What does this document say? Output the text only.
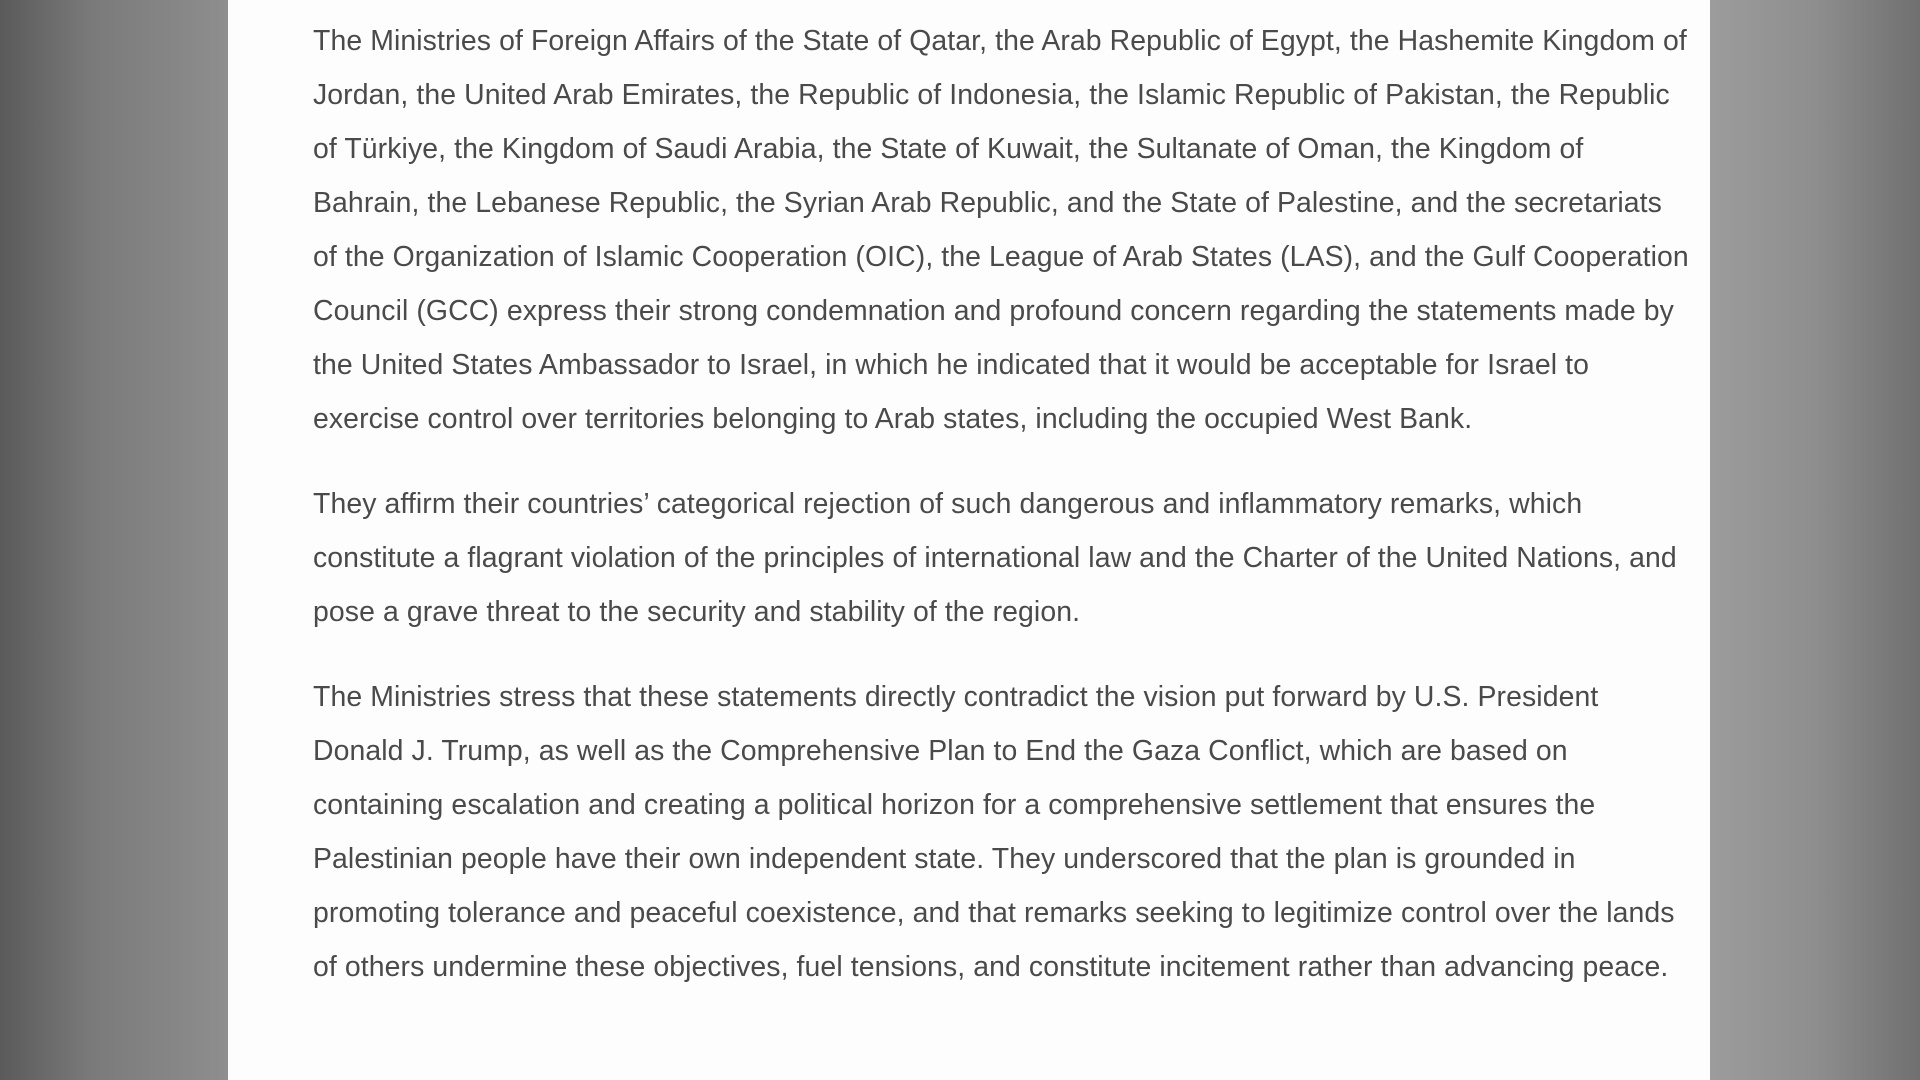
The Ministries of Foreign Affairs of the State of Qatar, the Arab Republic of Egypt, the Hashemite Kingdom of Jordan, the United Arab Emirates, the Republic of Indonesia, the Islamic Republic of Pakistan, the Republic of Türkiye, the Kingdom of Saudi Arabia, the State of Kuwait, the Sultanate of Oman, the Kingdom of Bahrain, the Lebanese Republic, the Syrian Arab Republic, and the State of Palestine, and the secretariats of the Organization of Islamic Cooperation (OIC), the League of Arab States (LAS), and the Gulf Cooperation Council (GCC) express their strong condemnation and profound concern regarding the statements made by the United States Ambassador to Israel, in which he indicated that it would be acceptable for Israel to exercise control over territories belonging to Arab states, including the occupied West Bank.

They affirm their countries’ categorical rejection of such dangerous and inflammatory remarks, which constitute a flagrant violation of the principles of international law and the Charter of the United Nations, and pose a grave threat to the security and stability of the region.

The Ministries stress that these statements directly contradict the vision put forward by U.S. President Donald J. Trump, as well as the Comprehensive Plan to End the Gaza Conflict, which are based on containing escalation and creating a political horizon for a comprehensive settlement that ensures the Palestinian people have their own independent state. They underscored that the plan is grounded in promoting tolerance and peaceful coexistence, and that remarks seeking to legitimize control over the lands of others undermine these objectives, fuel tensions, and constitute incitement rather than advancing peace.
